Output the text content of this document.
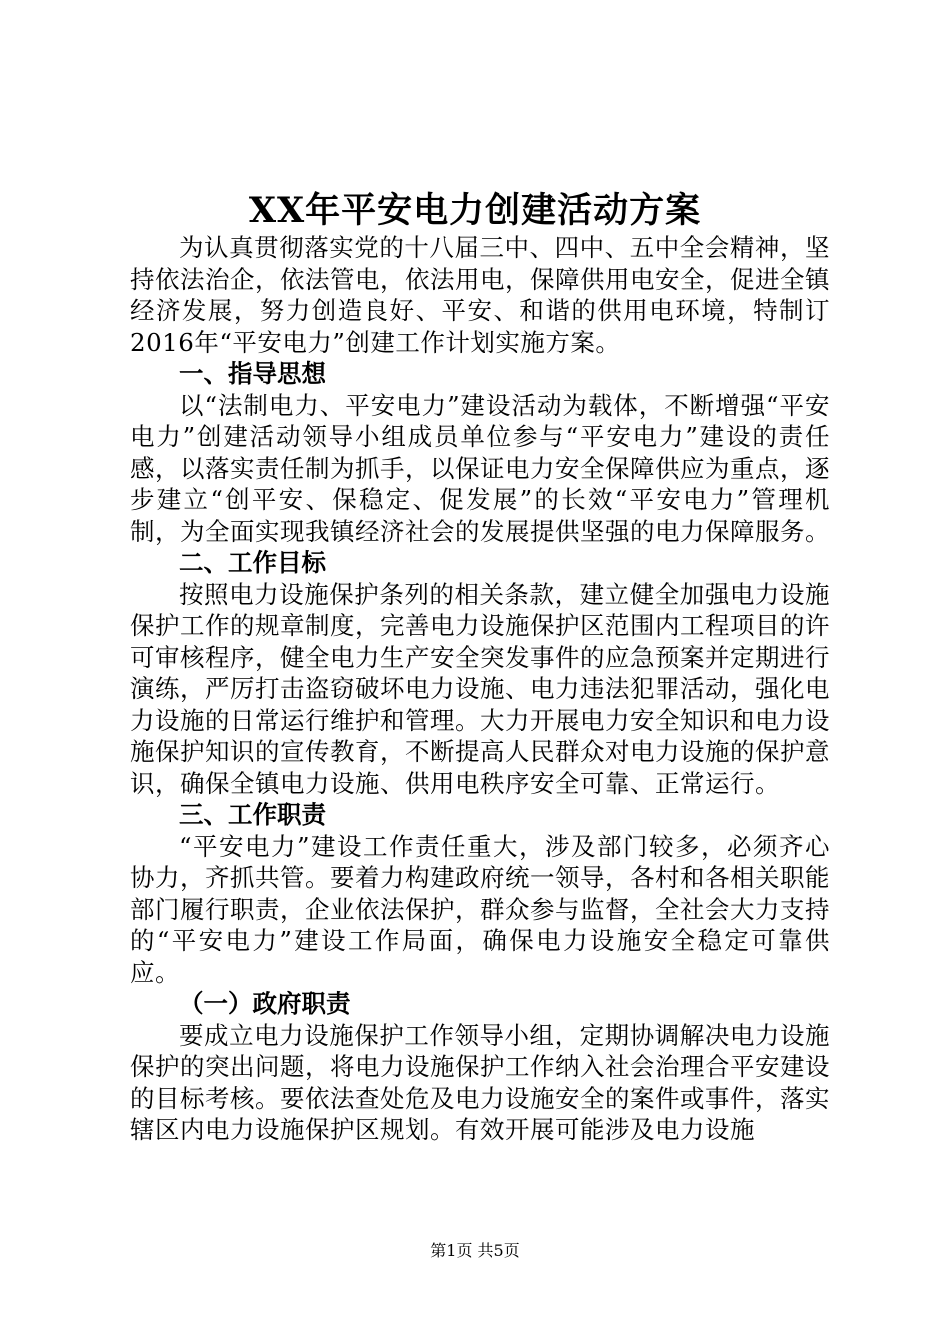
XX年平安电力创建活动方案

为认真贯彻落实党的十八届三中、四中、五中全会精神，坚持依法治企，依法管电，依法用电，保障供用电安全，促进全镇经济发展，努力创造良好、平安、和谐的供用电环境，特制订2016年“平安电力”创建工作计划实施方案。

一、指导思想

以“法制电力、平安电力”建设活动为载体，不断增强“平安电力”创建活动领导小组成员单位参与“平安电力”建设的责任感，以落实责任制为抓手，以保证电力安全保障供应为重点，逐步建立“创平安、保稳定、促发展”的长效“平安电力”管理机制，为全面实现我镇经济社会的发展提供坚强的电力保障服务。

二、工作目标

按照电力设施保护条列的相关条款，建立健全加强电力设施保护工作的规章制度，完善电力设施保护区范围内工程项目的许可审核程序，健全电力生产安全突发事件的应急预案并定期进行演练，严厉打击盗窃破坏电力设施、电力违法犯罪活动，强化电力设施的日常运行维护和管理。大力开展电力安全知识和电力设施保护知识的宣传教育，不断提高人民群众对电力设施的保护意识，确保全镇电力设施、供用电秩序安全可靠、正常运行。

三、工作职责

“平安电力”建设工作责任重大，涉及部门较多，必须齐心协力，齐抓共管。要着力构建政府统一领导，各村和各相关职能部门履行职责，企业依法保护，群众参与监督，全社会大力支持的“平安电力”建设工作局面，确保电力设施安全稳定可靠供应。

（一）政府职责

要成立电力设施保护工作领导小组，定期协调解决电力设施保护的突出问题，将电力设施保护工作纳入社会治理合平安建设的目标考核。要依法查处危及电力设施安全的案件或事件，落实辖区内电力设施保护区规划。有效开展可能涉及电力设施

第1页 共5页
